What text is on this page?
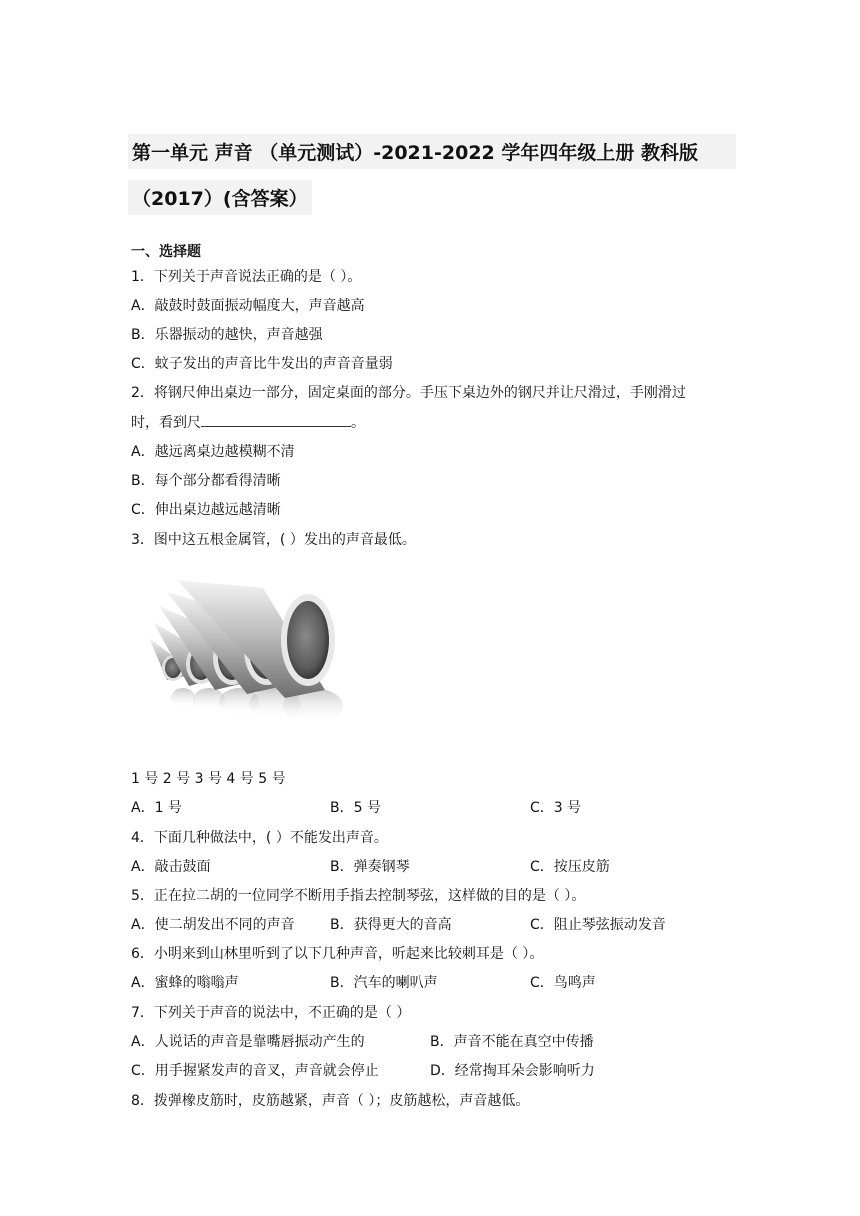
第一单元 声音 （单元测试）-2021-2022 学年四年级上册 教科版
（2017）(含答案）
一、选择题
1．下列关于声音说法正确的是（ ）。
A．敲鼓时鼓面振动幅度大，声音越高
B．乐器振动的越快，声音越强
C．蚊子发出的声音比牛发出的声音音量弱
2．将钢尺伸出桌边一部分，固定桌面的部分。手压下桌边外的钢尺并让尺滑过，手刚滑过
时，看到尺	。
A．越远离桌边越模糊不清
B．每个部分都看得清晰
C．伸出桌边越远越清晰
3．图中这五根金属管，( ）发出的声音最低。
1 号 2 号 3 号 4 号 5 号
A．1 号	B．5 号	C．3 号
4．下面几种做法中，( ）不能发出声音。
A．敲击鼓面	B．弹奏钢琴	C．按压皮筋
5．正在拉二胡的一位同学不断用手指去控制琴弦，这样做的目的是（ ）。
A．使二胡发出不同的声音	B．获得更大的音高	C．阻止琴弦振动发音
6．小明来到山林里听到了以下几种声音，听起来比较刺耳是（ ）。
A．蜜蜂的嗡嗡声	B．汽车的喇叭声	C．鸟鸣声
7．下列关于声音的说法中，不正确的是（ ）
A．人说话的声音是靠嘴唇振动产生的	B．声音不能在真空中传播
C．用手握紧发声的音叉，声音就会停止	D．经常掏耳朵会影响听力
8．拨弹橡皮筋时，皮筋越紧，声音（ ）；皮筋越松，声音越低。
